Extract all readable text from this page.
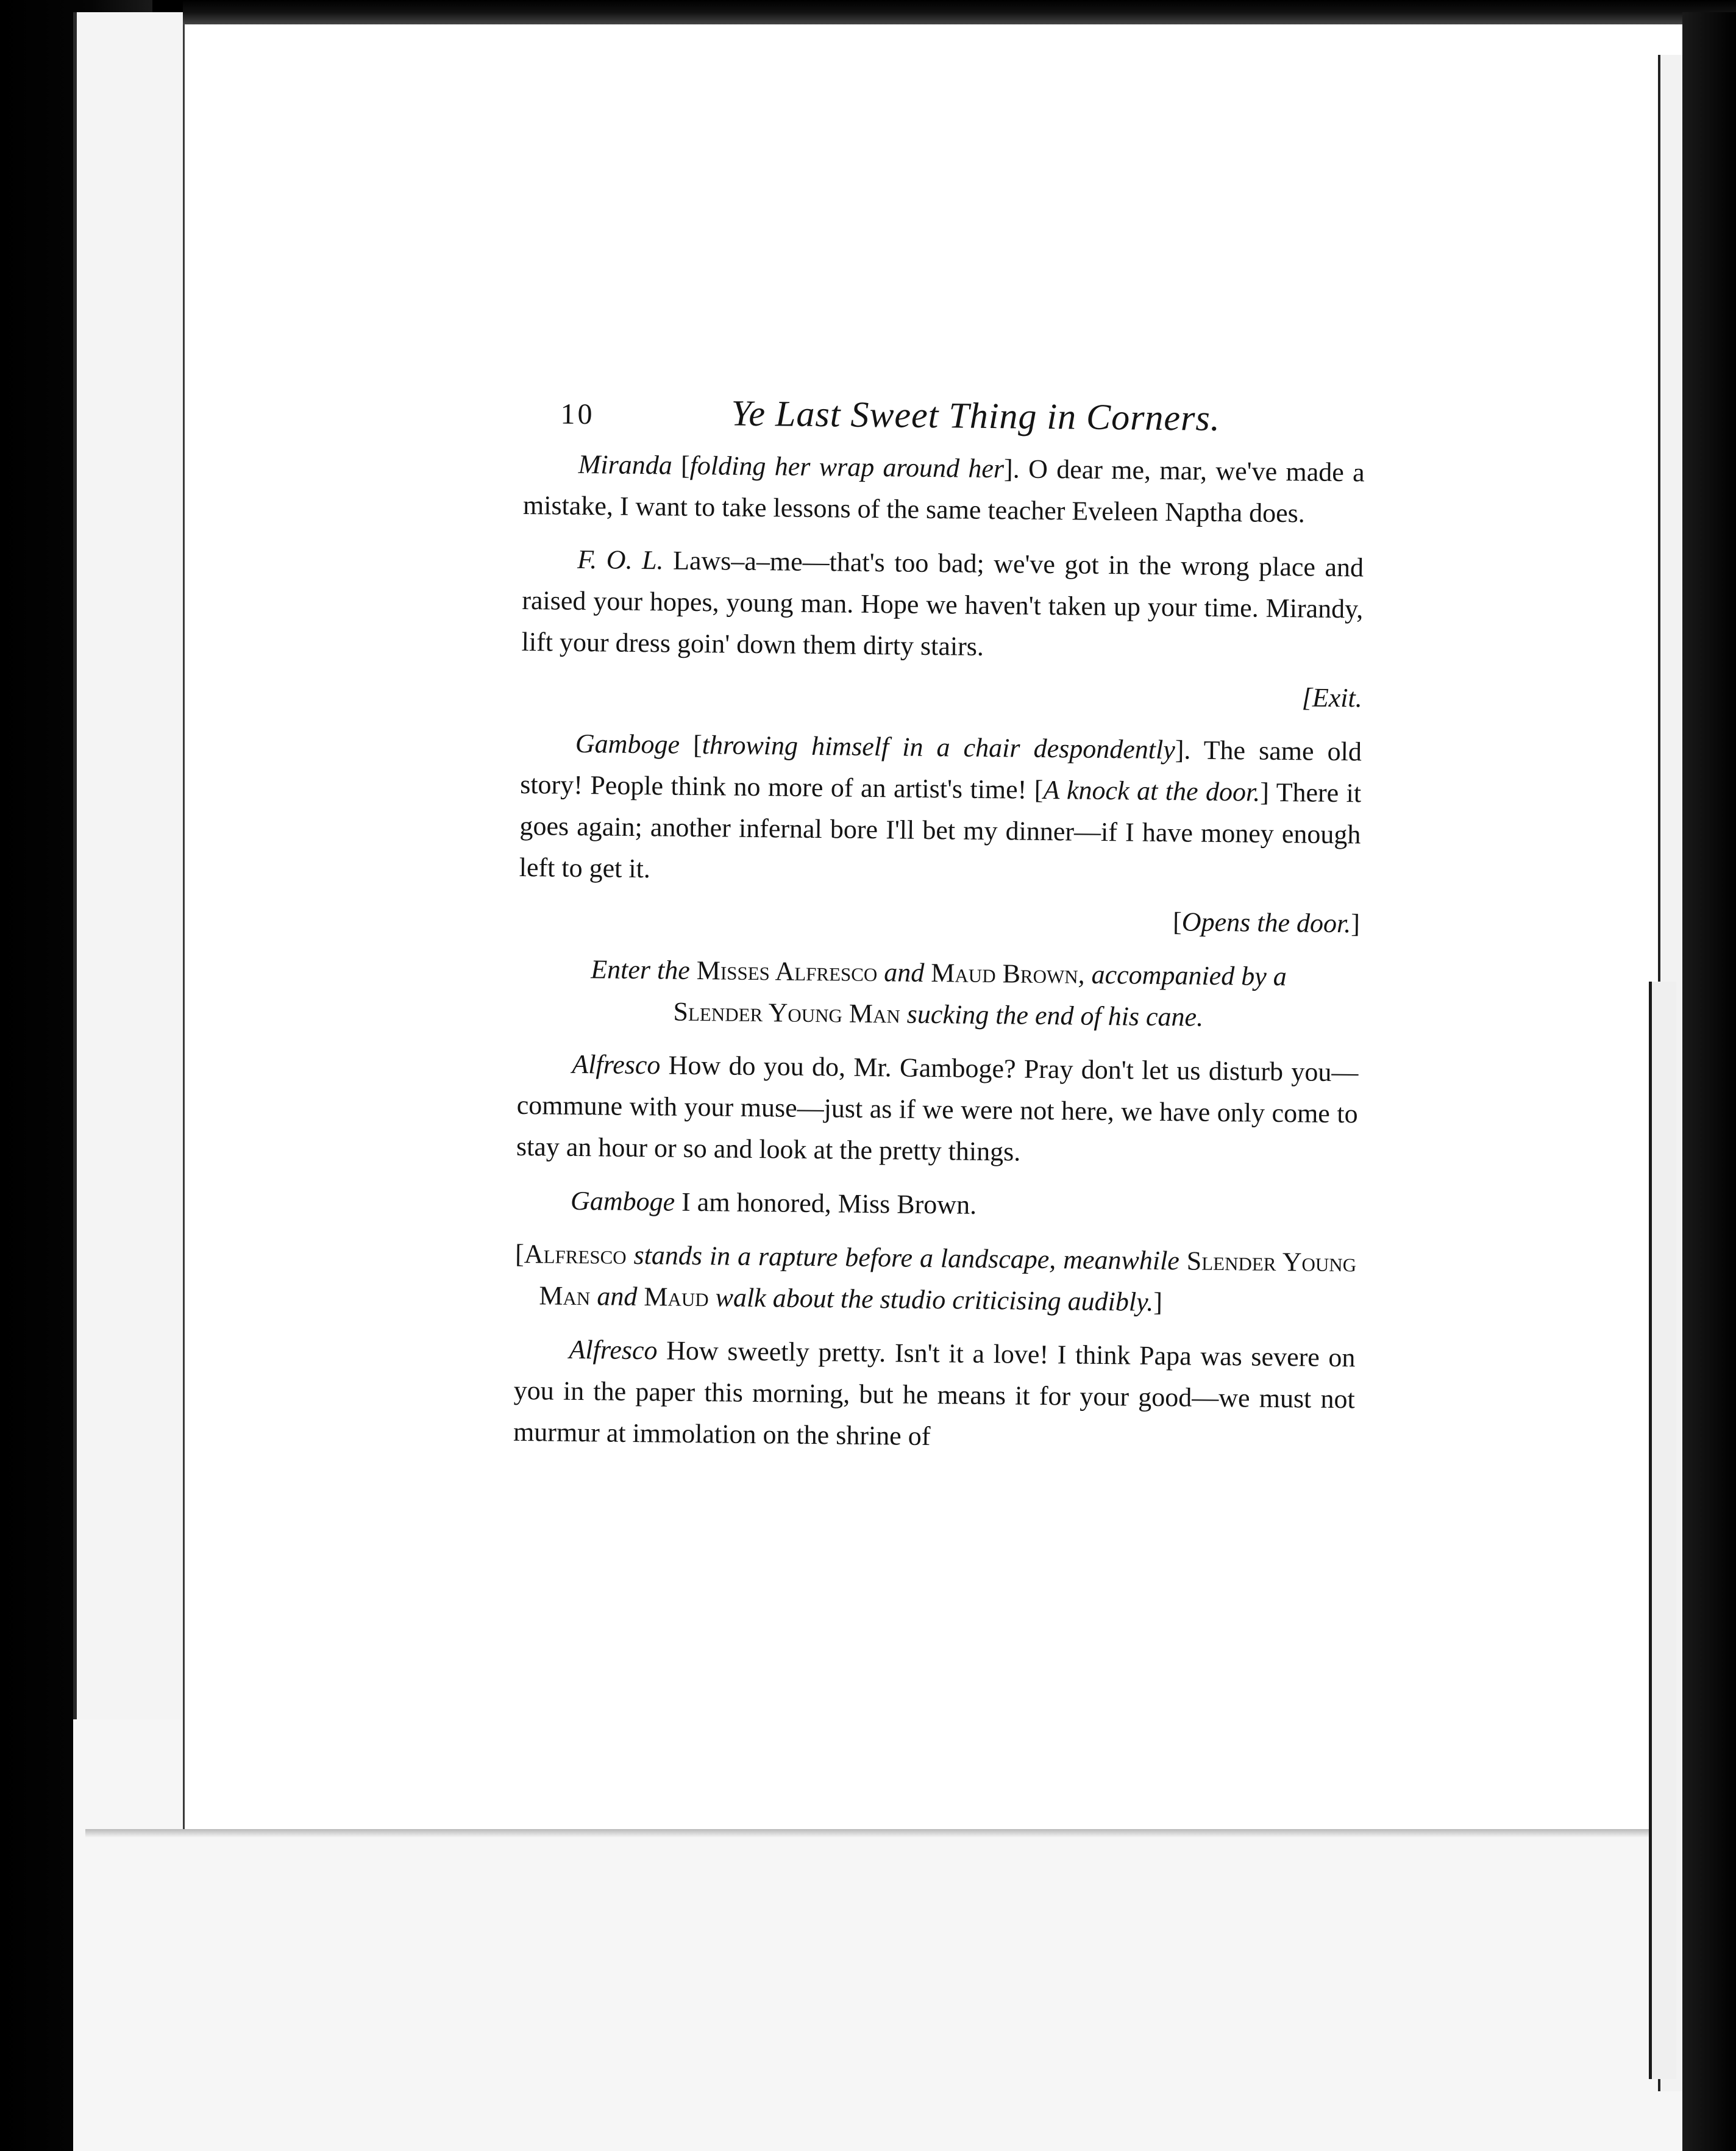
10	Ye Last Sweet Thing in Corners.

Miranda [folding her wrap around her]. O dear me, mar, we've made a mistake, I want to take lessons of the same teacher Eveleen Naptha does.

F. O. L. Laws–a–me—that's too bad; we've got in the wrong place and raised your hopes, young man. Hope we haven't taken up your time. Mirandy, lift your dress goin' down them dirty stairs.

[Exit.

Gamboge [throwing himself in a chair despondently]. The same old story! People think no more of an artist's time! [A knock at the door.] There it goes again; another infernal bore I'll bet my dinner—if I have money enough left to get it.

[Opens the door.]

Enter the Misses Alfresco and Maud Brown, accompanied by a
Slender Young Man sucking the end of his cane.

Alfresco How do you do, Mr. Gamboge? Pray don't let us disturb you—commune with your muse—just as if we were not here, we have only come to stay an hour or so and look at the pretty things.

Gamboge I am honored, Miss Brown.

[Alfresco stands in a rapture before a landscape, meanwhile Slender Young Man and Maud walk about the studio criticising audibly.]

Alfresco How sweetly pretty. Isn't it a love! I think Papa was severe on you in the paper this morning, but he means it for your good—we must not murmur at immolation on the shrine of
